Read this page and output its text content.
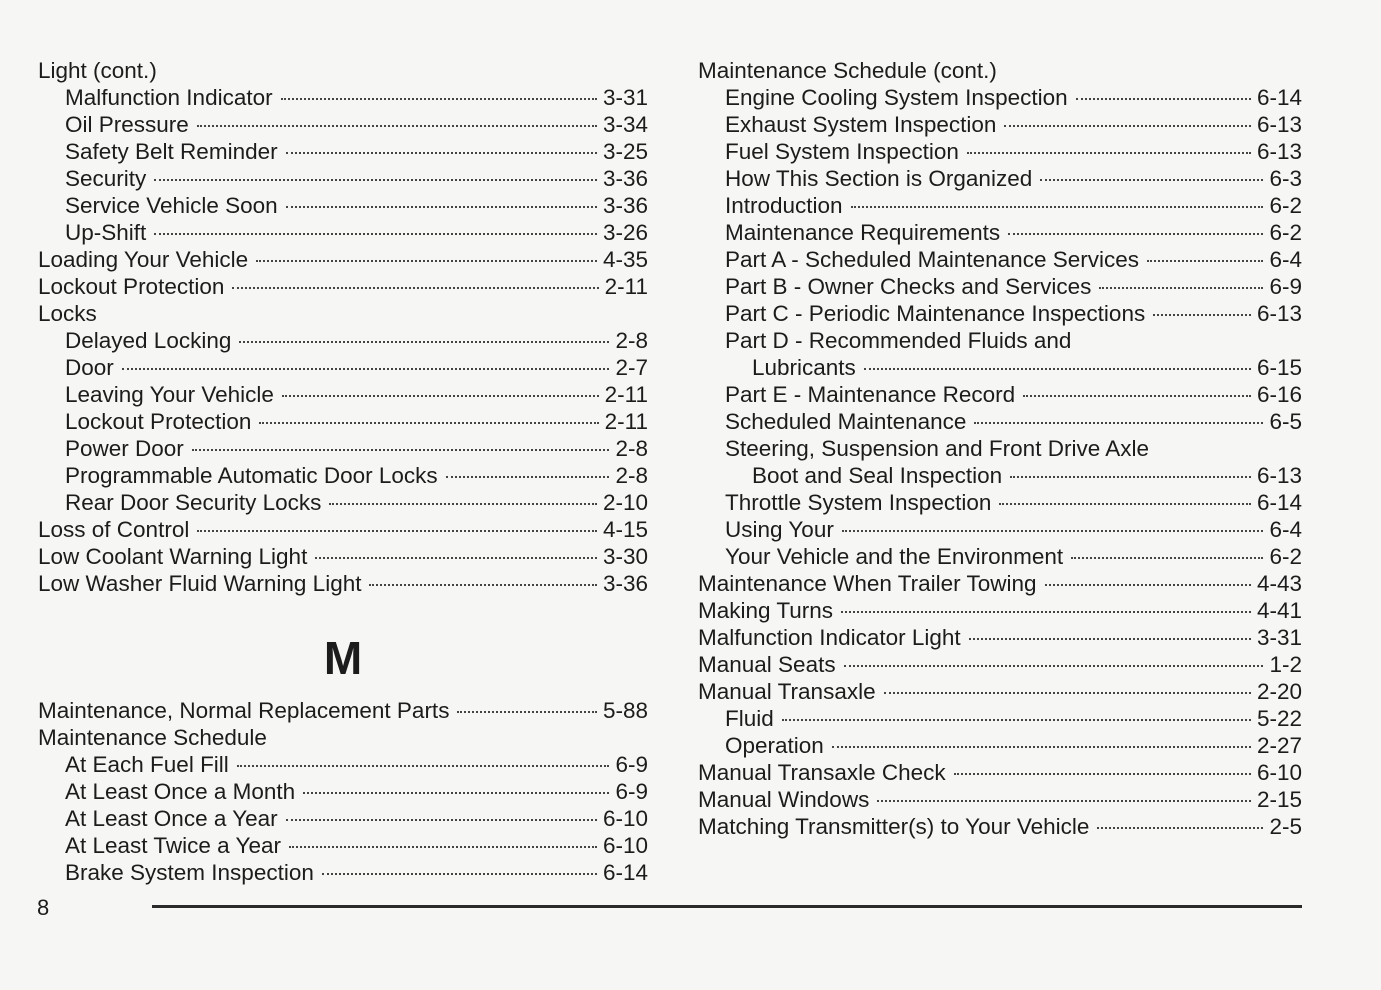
Light (cont.)
Malfunction Indicator	3-31
Oil Pressure	3-34
Safety Belt Reminder	3-25
Security	3-36
Service Vehicle Soon	3-36
Up-Shift	3-26
Loading Your Vehicle	4-35
Lockout Protection	2-11
Locks
Delayed Locking	2-8
Door	2-7
Leaving Your Vehicle	2-11
Lockout Protection	2-11
Power Door	2-8
Programmable Automatic Door Locks	2-8
Rear Door Security Locks	2-10
Loss of Control	4-15
Low Coolant Warning Light	3-30
Low Washer Fluid Warning Light	3-36
M
Maintenance, Normal Replacement Parts	5-88
Maintenance Schedule
At Each Fuel Fill	6-9
At Least Once a Month	6-9
At Least Once a Year	6-10
At Least Twice a Year	6-10
Brake System Inspection	6-14
Maintenance Schedule (cont.)
Engine Cooling System Inspection	6-14
Exhaust System Inspection	6-13
Fuel System Inspection	6-13
How This Section is Organized	6-3
Introduction	6-2
Maintenance Requirements	6-2
Part A - Scheduled Maintenance Services	6-4
Part B - Owner Checks and Services	6-9
Part C - Periodic Maintenance Inspections	6-13
Part D - Recommended Fluids and
Lubricants	6-15
Part E - Maintenance Record	6-16
Scheduled Maintenance	6-5
Steering, Suspension and Front Drive Axle
Boot and Seal Inspection	6-13
Throttle System Inspection	6-14
Using Your	6-4
Your Vehicle and the Environment	6-2
Maintenance When Trailer Towing	4-43
Making Turns	4-41
Malfunction Indicator Light	3-31
Manual Seats	1-2
Manual Transaxle	2-20
Fluid	5-22
Operation	2-27
Manual Transaxle Check	6-10
Manual Windows	2-15
Matching Transmitter(s) to Your Vehicle	2-5
8
